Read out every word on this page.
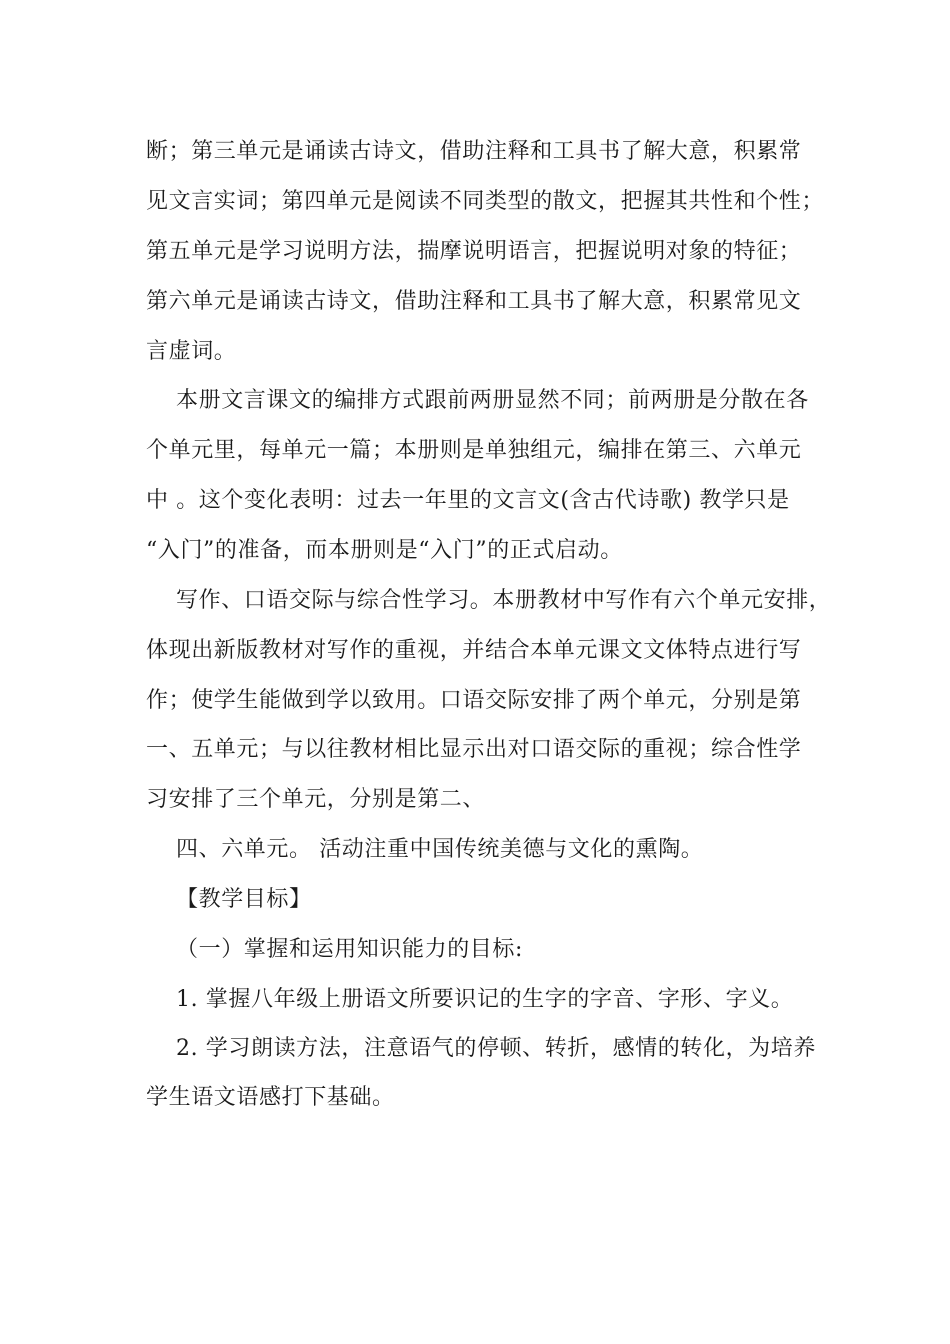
断；第三单元是诵读古诗文，借助注释和工具书了解大意，积累常
见文言实词；第四单元是阅读不同类型的散文，把握其共性和个性；
第五单元是学习说明方法，揣摩说明语言，把握说明对象的特征；
第六单元是诵读古诗文，借助注释和工具书了解大意，积累常见文
言虚词。
本册文言课文的编排方式跟前两册显然不同；前两册是分散在各
个单元里，每单元一篇；本册则是单独组元，编排在第三、六单元
中 。这个变化表明：过去一年里的文言文(含古代诗歌) 教学只是
“入门”的准备，而本册则是“入门”的正式启动。
写作、口语交际与综合性学习。本册教材中写作有六个单元安排，
体现出新版教材对写作的重视，并结合本单元课文文体特点进行写
作；使学生能做到学以致用。口语交际安排了两个单元，分别是第
一、五单元；与以往教材相比显示出对口语交际的重视；综合性学
习安排了三个单元，分别是第二、
四、六单元。 活动注重中国传统美德与文化的熏陶。
【教学目标】
（一）掌握和运用知识能力的目标:
1. 掌握八年级上册语文所要识记的生字的字音、字形、字义。
2. 学习朗读方法，注意语气的停顿、转折，感情的转化，为培养
学生语文语感打下基础。
